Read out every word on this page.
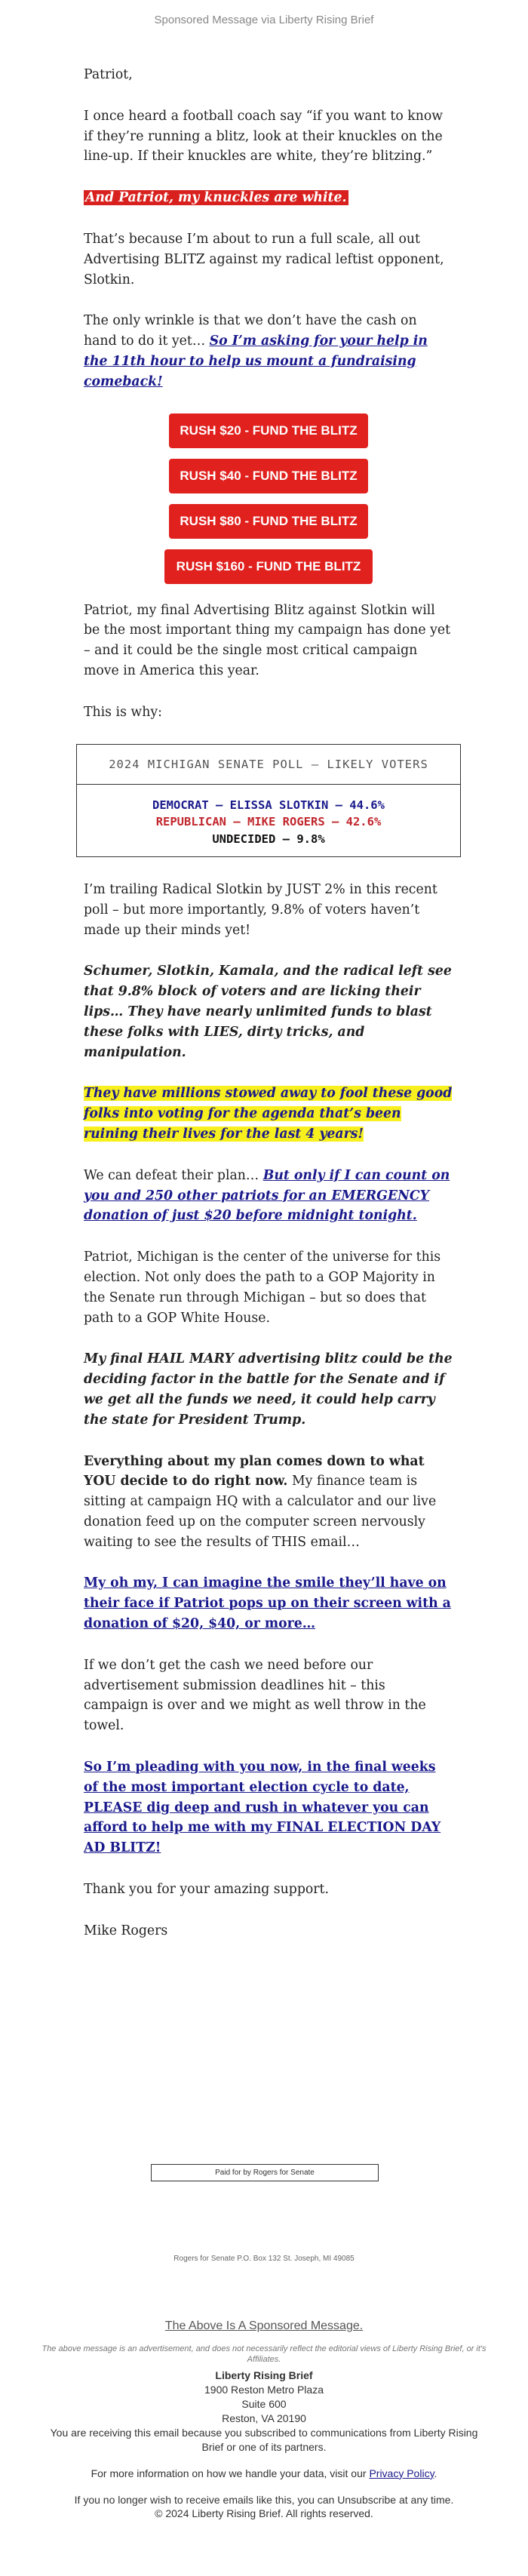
Sponsored Message via Liberty Rising Brief

Patriot,

I once heard a football coach say “if you want to know if they’re running a blitz, look at their knuckles on the line-up. If their knuckles are white, they’re blitzing.”

And Patriot, my knuckles are white.

That’s because I’m about to run a full scale, all out Advertising BLITZ against my radical leftist opponent, Slotkin.

The only wrinkle is that we don’t have the cash on hand to do it yet… So I’m asking for your help in the 11th hour to help us mount a fundraising comeback!

RUSH $20 - FUND THE BLITZ
RUSH $40 - FUND THE BLITZ
RUSH $80 - FUND THE BLITZ
RUSH $160 - FUND THE BLITZ

Patriot, my final Advertising Blitz against Slotkin will be the most important thing my campaign has done yet – and it could be the single most critical campaign move in America this year.

This is why:

2024 MICHIGAN SENATE POLL – LIKELY VOTERS
DEMOCRAT – ELISSA SLOTKIN – 44.6%
REPUBLICAN – MIKE ROGERS – 42.6%
UNDECIDED – 9.8%

I’m trailing Radical Slotkin by JUST 2% in this recent poll – but more importantly, 9.8% of voters haven’t made up their minds yet!

Schumer, Slotkin, Kamala, and the radical left see that 9.8% block of voters and are licking their lips… They have nearly unlimited funds to blast these folks with LIES, dirty tricks, and manipulation.

They have millions stowed away to fool these good folks into voting for the agenda that’s been ruining their lives for the last 4 years!

We can defeat their plan… But only if I can count on you and 250 other patriots for an EMERGENCY donation of just $20 before midnight tonight.

Patriot, Michigan is the center of the universe for this election. Not only does the path to a GOP Majority in the Senate run through Michigan – but so does that path to a GOP White House.

My final HAIL MARY advertising blitz could be the deciding factor in the battle for the Senate and if we get all the funds we need, it could help carry the state for President Trump.

Everything about my plan comes down to what YOU decide to do right now. My finance team is sitting at campaign HQ with a calculator and our live donation feed up on the computer screen nervously waiting to see the results of THIS email…

My oh my, I can imagine the smile they’ll have on their face if Patriot pops up on their screen with a donation of $20, $40, or more…

If we don’t get the cash we need before our advertisement submission deadlines hit – this campaign is over and we might as well throw in the towel.

So I’m pleading with you now, in the final weeks of the most important election cycle to date, PLEASE dig deep and rush in whatever you can afford to help me with my FINAL ELECTION DAY AD BLITZ!

Thank you for your amazing support.

Mike Rogers

Paid for by Rogers for Senate
Rogers for Senate P.O. Box 132 St. Joseph, MI 49085
The Above Is A Sponsored Message.
The above message is an advertisement, and does not necessarily reflect the editorial views of Liberty Rising Brief, or it's Affiliates.

Liberty Rising Brief

1900 Reston Metro Plaza

Suite 600

Reston, VA 20190

You are receiving this email because you subscribed to communications from Liberty Rising Brief or one of its partners.

For more information on how we handle your data, visit our Privacy Policy.

If you no longer wish to receive emails like this, you can Unsubscribe at any time.

© 2024 Liberty Rising Brief. All rights reserved.
